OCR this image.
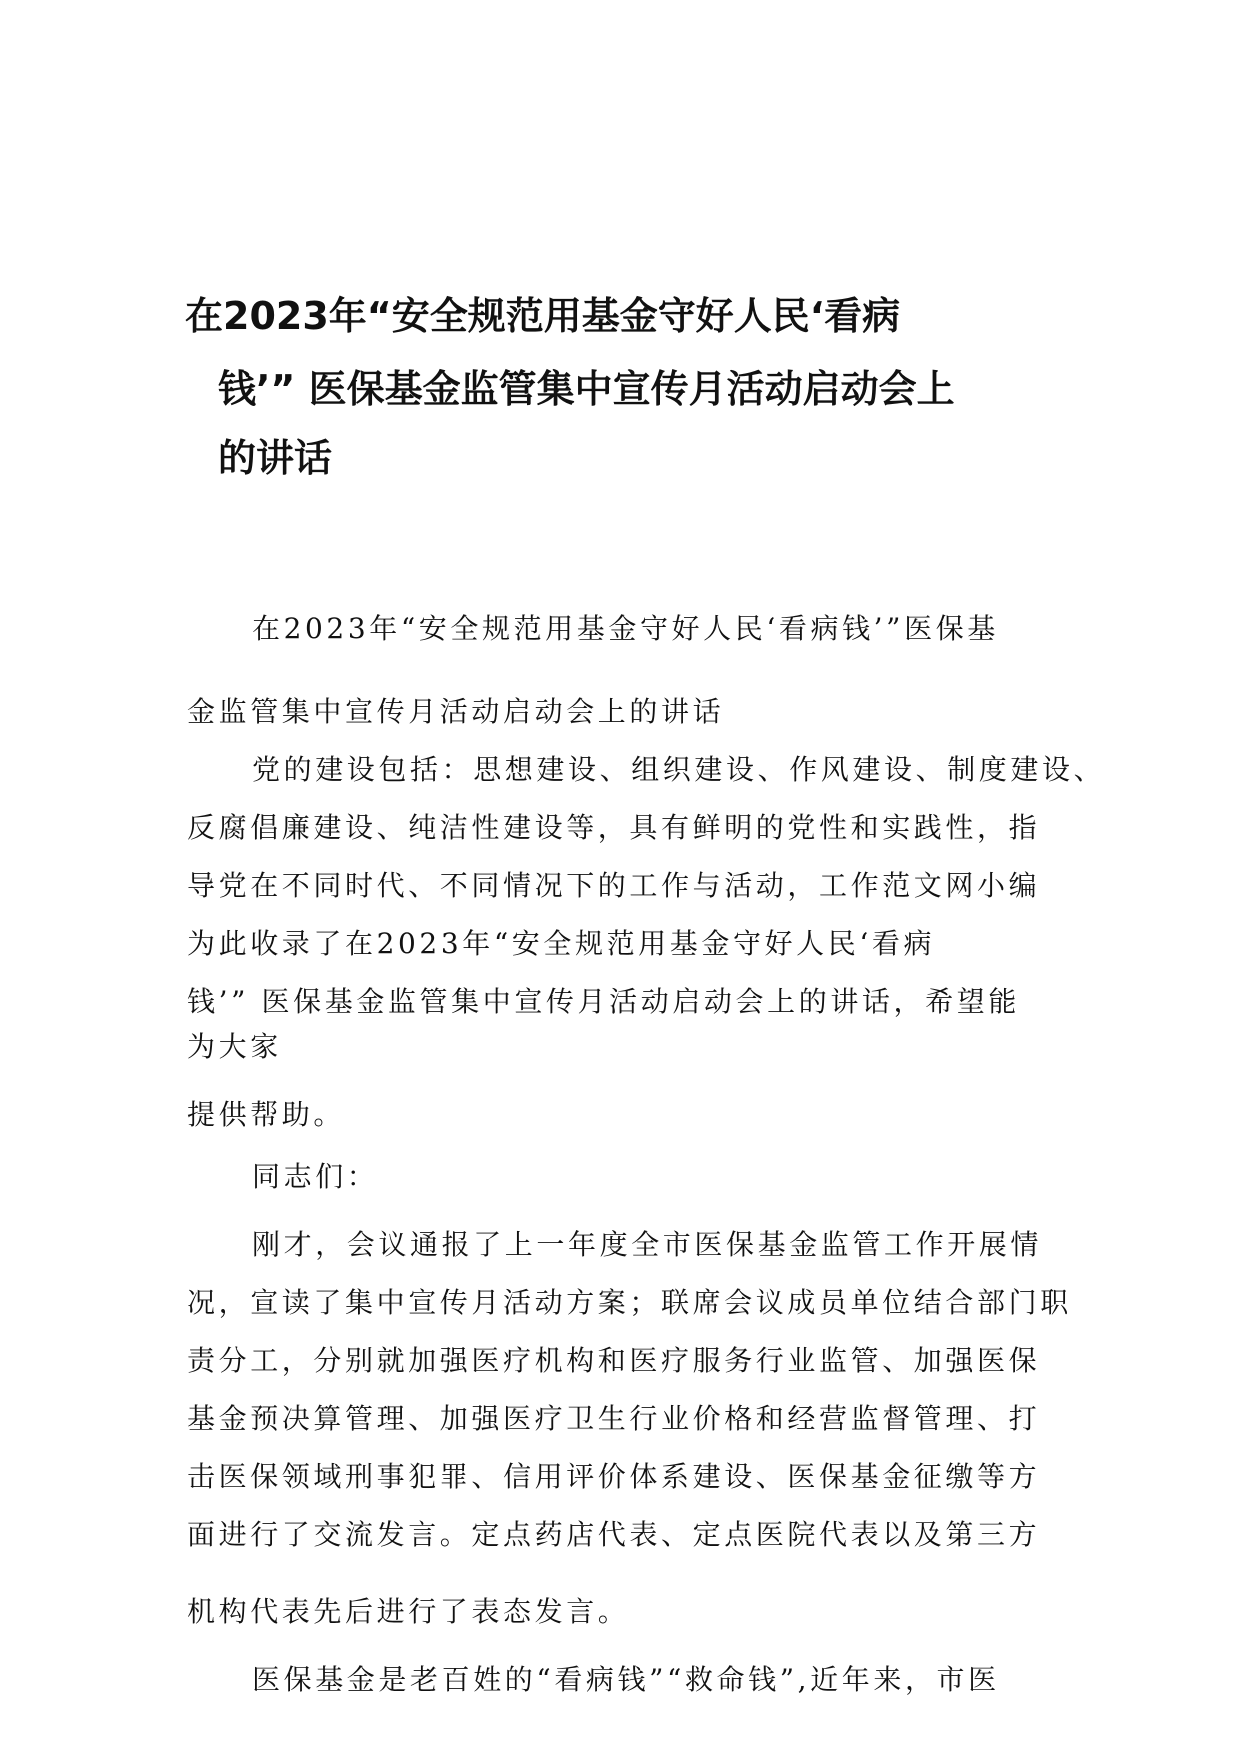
在2023年“安全规范用基金守好人民‘看病
钱’” 医保基金监管集中宣传月活动启动会上
的讲话
在2023年“安全规范用基金守好人民‘看病钱’”医保基
金监管集中宣传月活动启动会上的讲话
党的建设包括：思想建设、组织建设、作风建设、制度建设、
反腐倡廉建设、纯洁性建设等，具有鲜明的党性和实践性，指
导党在不同时代、不同情况下的工作与活动，工作范文网小编
为此收录了在2023年“安全规范用基金守好人民‘看病
钱’” 医保基金监管集中宣传月活动启动会上的讲话，希望能
为大家
提供帮助。
同志们：
刚才，会议通报了上一年度全市医保基金监管工作开展情
况，宣读了集中宣传月活动方案；联席会议成员单位结合部门职
责分工，分别就加强医疗机构和医疗服务行业监管、加强医保
基金预决算管理、加强医疗卫生行业价格和经营监督管理、打
击医保领域刑事犯罪、信用评价体系建设、医保基金征缴等方
面进行了交流发言。定点药店代表、定点医院代表以及第三方
机构代表先后进行了表态发言。
医保基金是老百姓的“看病钱”“救命钱”,近年来，市医
